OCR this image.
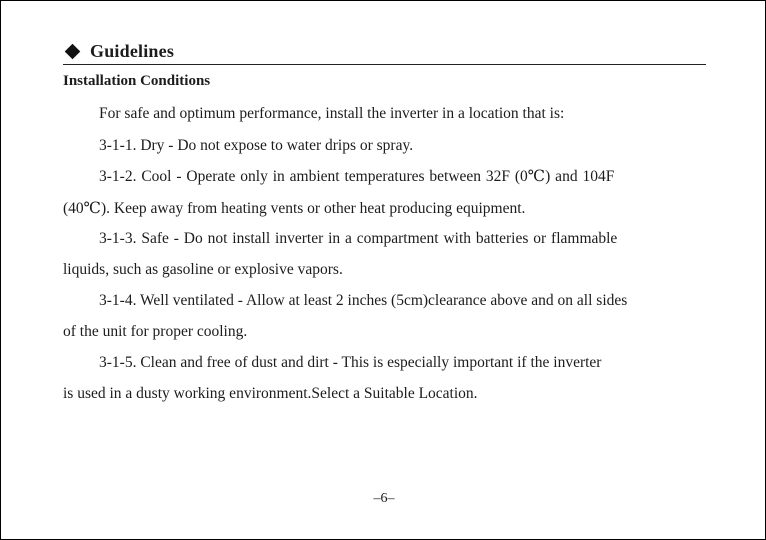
Guidelines
Installation Conditions
For safe and optimum performance, install the inverter in a location that is:
3-1-1. Dry - Do not expose to water drips or spray.
3-1-2. Cool - Operate only in ambient temperatures between 32F (0℃) and 104F
(40℃). Keep away from heating vents or other heat producing equipment.
3-1-3. Safe - Do not install inverter in a compartment with batteries or flammable
liquids, such as gasoline or explosive vapors.
3-1-4. Well ventilated - Allow at least 2 inches (5cm)clearance above and on all sides
of the unit for proper cooling.
3-1-5. Clean and free of dust and dirt - This is especially important if the inverter
is used in a dusty working environment.Select a Suitable Location.
–6–
